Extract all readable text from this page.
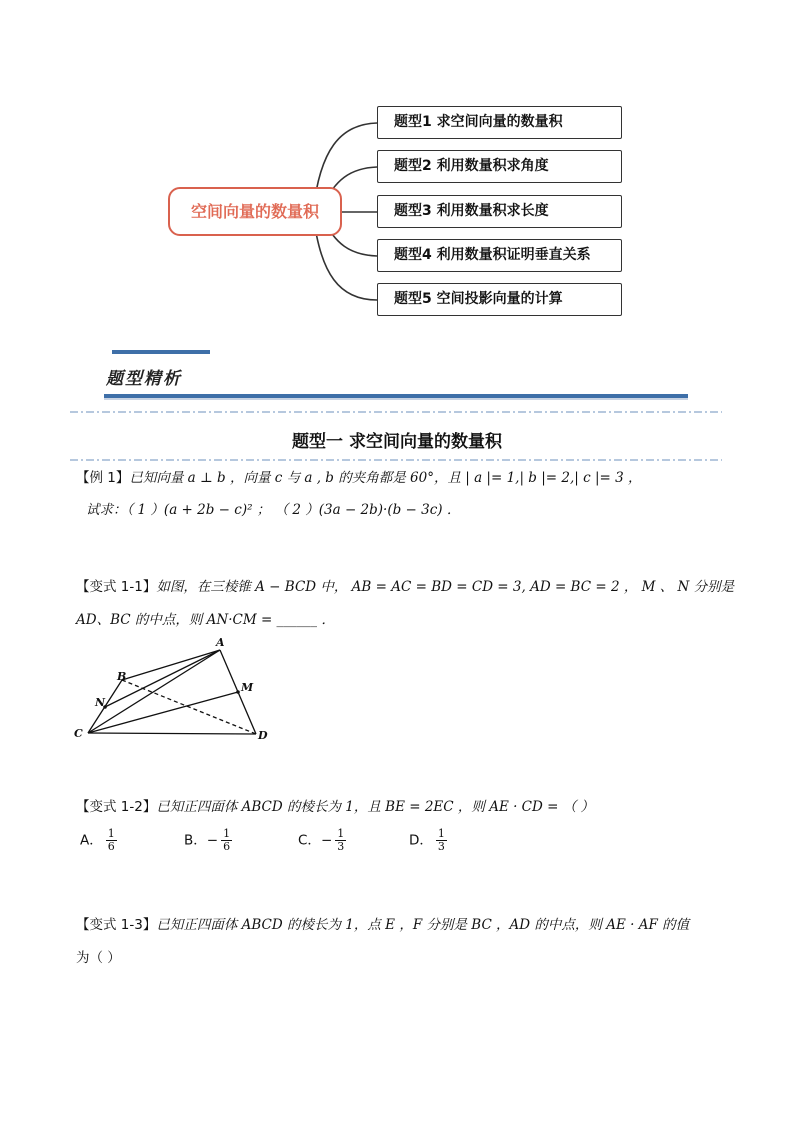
空间向量的数量积
题型1 求空间向量的数量积
题型2 利用数量积求角度
题型3 利用数量积求长度
题型4 利用数量积证明垂直关系
题型5 空间投影向量的计算
题型精析
题型一 求空间向量的数量积
【例 1】已知向量 a ⊥ b ，向量 c 与 a , b 的夹角都是 60°，且 | a |= 1,| b |= 2,| c |= 3 ，
试求：（ 1 ）(a + 2b − c)² ； （ 2 ）(3a − 2b)·(b − 3c) ．
【变式 1-1】如图，在三棱锥 A − BCD 中， AB = AC = BD = CD = 3, AD = BC = 2 ， M 、 N 分别是
AD、BC 的中点，则 AN·CM = ______ ．
A
B
C	D
M
N
【变式 1-2】已知正四面体 ABCD 的棱长为 1，且 BE = 2EC ，则 AE · CD = （ ）
A． $\frac{1}{6}$	B．− $\frac{1}{6}$	C．− $\frac{1}{3}$	D． $\frac{1}{3}$
【变式 1-3】已知正四面体 ABCD 的棱长为 1，点 E ，F 分别是 BC ，AD 的中点，则 AE · AF 的值
为（ ）
